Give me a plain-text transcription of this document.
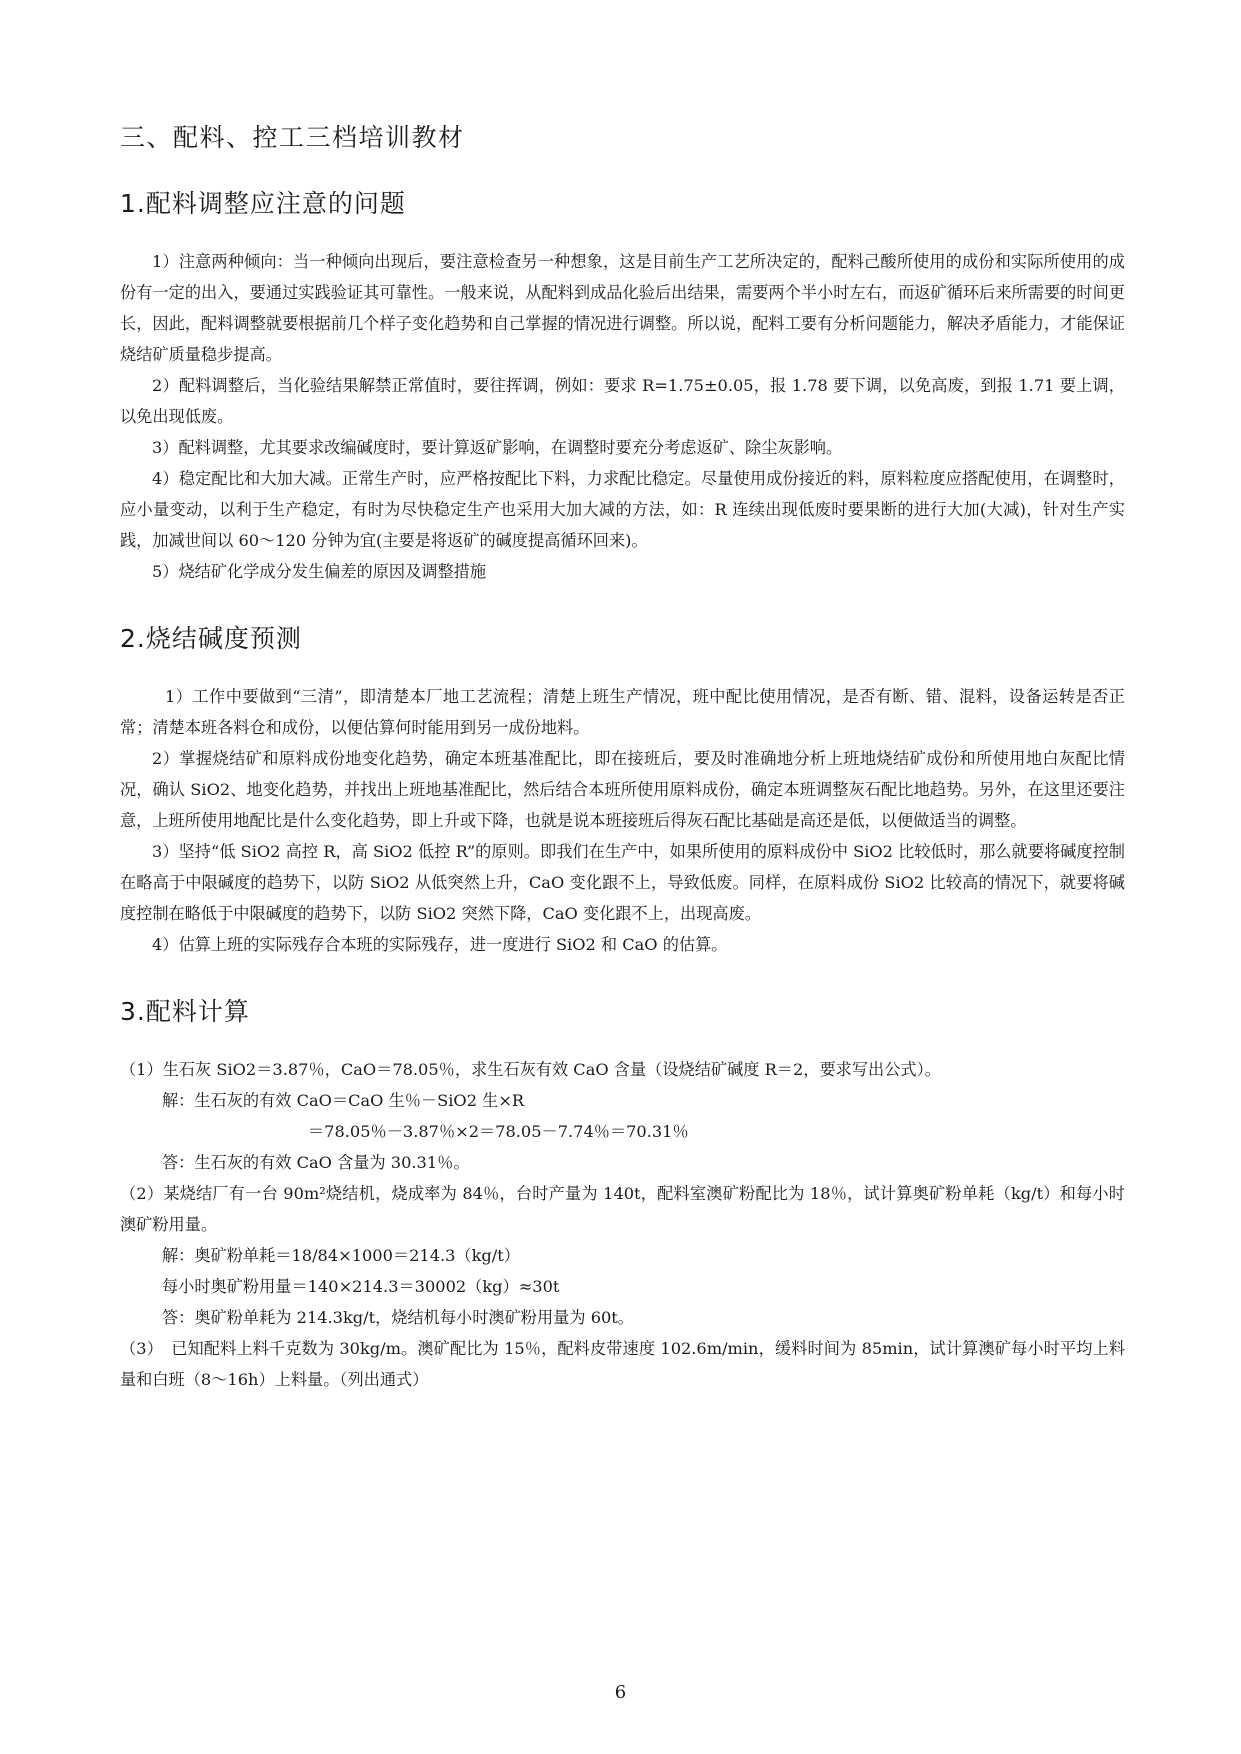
三、配料、控工三档培训教材
1.配料调整应注意的问题

1）注意两种倾向：当一种倾向出现后，要注意检查另一种想象，这是目前生产工艺所决定的，配料己酸所使用的成份和实际所使用的成份有一定的出入，要通过实践验证其可靠性。一般来说，从配料到成品化验后出结果，需要两个半小时左右，而返矿循环后来所需要的时间更长，因此，配料调整就要根据前几个样子变化趋势和自己掌握的情况进行调整。所以说，配料工要有分析问题能力，解决矛盾能力，才能保证烧结矿质量稳步提高。

2）配料调整后，当化验结果解禁正常值时，要往挥调，例如：要求 R=1.75±0.05，报 1.78 要下调，以免高废，到报 1.71 要上调，以免出现低废。

3）配料调整，尤其要求改编碱度时，要计算返矿影响，在调整时要充分考虑返矿、除尘灰影响。

4）稳定配比和大加大减。正常生产时，应严格按配比下料，力求配比稳定。尽量使用成份接近的料，原料粒度应搭配使用，在调整时，应小量变动，以利于生产稳定，有时为尽快稳定生产也采用大加大减的方法，如：R 连续出现低废时要果断的进行大加(大减)，针对生产实践，加减世间以 60～120 分钟为宜(主要是将返矿的碱度提高循环回来)。

5）烧结矿化学成分发生偏差的原因及调整措施

2.烧结碱度预测

1）工作中要做到“三清”，即清楚本厂地工艺流程；清楚上班生产情况，班中配比使用情况，是否有断、错、混料，设备运转是否正常；清楚本班各料仓和成份，以便估算何时能用到另一成份地料。

2）掌握烧结矿和原料成份地变化趋势，确定本班基准配比，即在接班后，要及时准确地分析上班地烧结矿成份和所使用地白灰配比情况，确认 SiO2、地变化趋势，并找出上班地基准配比，然后结合本班所使用原料成份，确定本班调整灰石配比地趋势。另外，在这里还要注意，上班所使用地配比是什么变化趋势，即上升或下降，也就是说本班接班后得灰石配比基础是高还是低，以便做适当的调整。

3）坚持“低 SiO2 高控 R，高 SiO2 低控 R”的原则。即我们在生产中，如果所使用的原料成份中 SiO2 比较低时，那么就要将碱度控制在略高于中限碱度的趋势下，以防 SiO2 从低突然上升，CaO 变化跟不上，导致低废。同样，在原料成份 SiO2 比较高的情况下，就要将碱度控制在略低于中限碱度的趋势下，以防 SiO2 突然下降，CaO 变化跟不上，出现高废。

4）估算上班的实际残存合本班的实际残存，进一度进行 SiO2 和 CaO 的估算。

3.配料计算

（1）生石灰 SiO2＝3.87％，CaO＝78.05％，求生石灰有效 CaO 含量（设烧结矿碱度 R＝2，要求写出公式）。

解：生石灰的有效 CaO＝CaO 生％－SiO2 生×R

＝78.05％－3.87％×2＝78.05－7.74％＝70.31％

答：生石灰的有效 CaO 含量为 30.31％。

（2）某烧结厂有一台 90m²烧结机，烧成率为 84％，台时产量为 140t，配料室澳矿粉配比为 18％，试计算奥矿粉单耗（kg/t）和每小时澳矿粉用量。

解：奥矿粉单耗＝18/84×1000＝214.3（kg/t）

每小时奥矿粉用量＝140×214.3＝30002（kg）≈30t

答：奥矿粉单耗为 214.3kg/t，烧结机每小时澳矿粉用量为 60t。

（3）　已知配料上料千克数为 30kg/m。澳矿配比为 15％，配料皮带速度 102.6m/min，缓料时间为 85min，试计算澳矿每小时平均上料量和白班（8～16h）上料量。（列出通式）

6
